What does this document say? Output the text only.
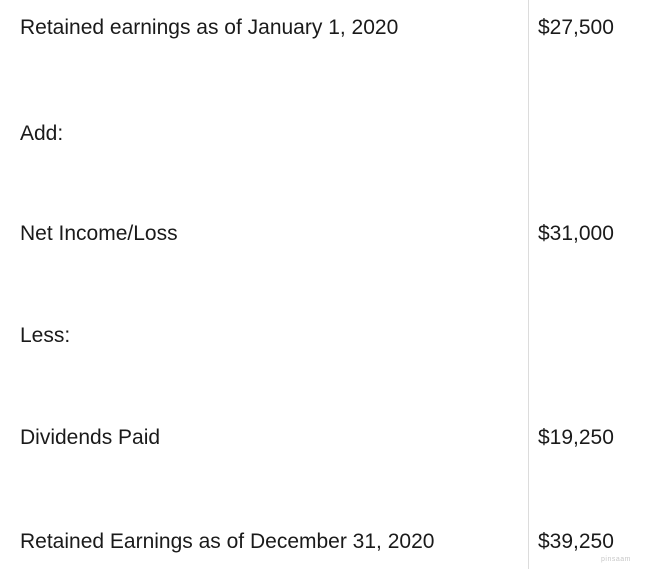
Retained earnings as of January 1, 2020	$27,500
Add:
Net Income/Loss	$31,000
Less:
Dividends Paid	$19,250
Retained Earnings as of December 31, 2020	$39,250
pinsaam
